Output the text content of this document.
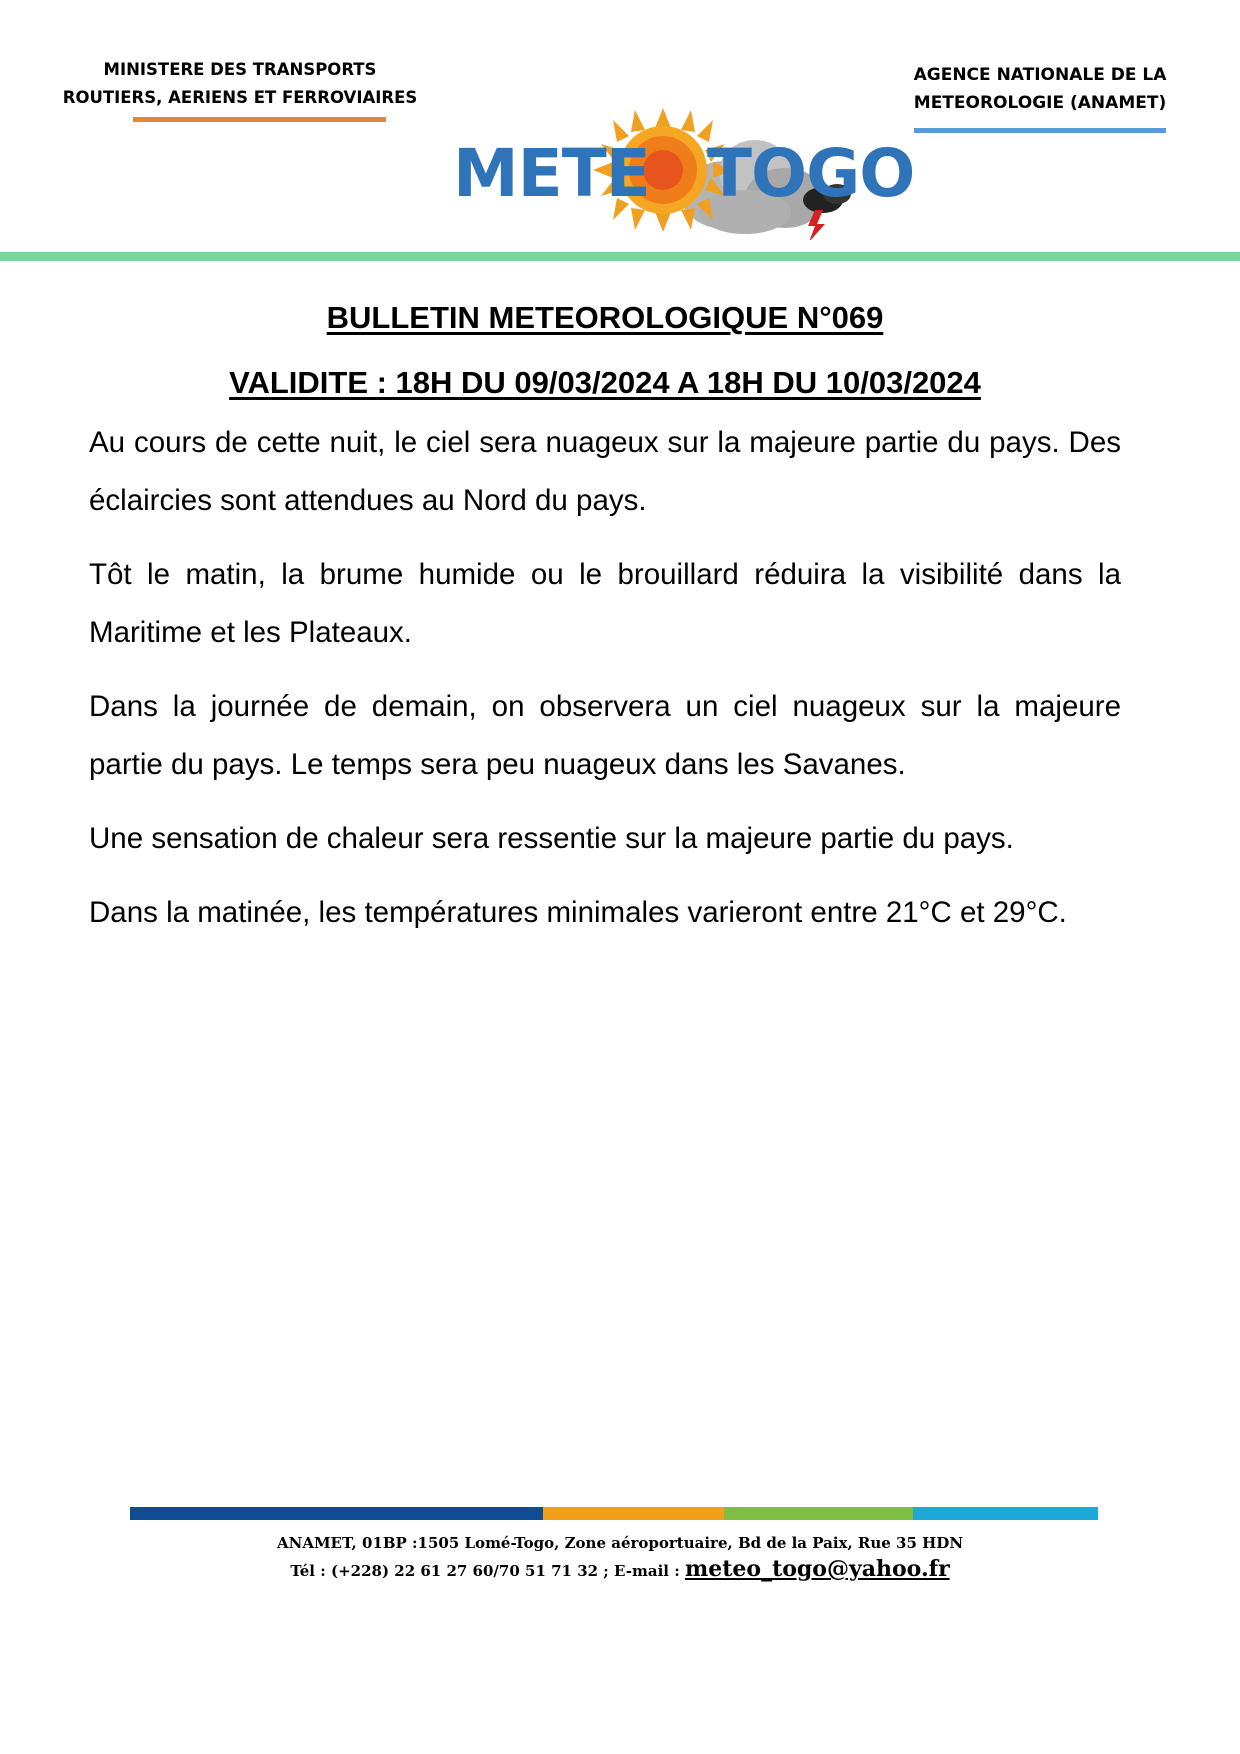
MINISTERE DES TRANSPORTS
ROUTIERS, AERIENS ET FERROVIAIRES
AGENCE NATIONALE DE LA
METEOROLOGIE (ANAMET)
METE TOGO
BULLETIN METEOROLOGIQUE N°069
VALIDITE : 18H DU 09/03/2024 A 18H DU 10/03/2024

Au cours de cette nuit, le ciel sera nuageux sur la majeure partie du pays. Des éclaircies sont attendues au Nord du pays.

Tôt le matin, la brume humide ou le brouillard réduira la visibilité dans la Maritime et les Plateaux.

Dans la journée de demain, on observera un ciel nuageux sur la majeure partie du pays. Le temps sera peu nuageux dans les Savanes.

Une sensation de chaleur sera ressentie sur la majeure partie du pays.

Dans la matinée, les températures minimales varieront entre 21°C et 29°C.

ANAMET, 01BP :1505 Lomé-Togo, Zone aéroportuaire, Bd de la Paix, Rue 35 HDN
Tél : (+228) 22 61 27 60/70 51 71 32 ; E-mail : meteo_togo@yahoo.fr
